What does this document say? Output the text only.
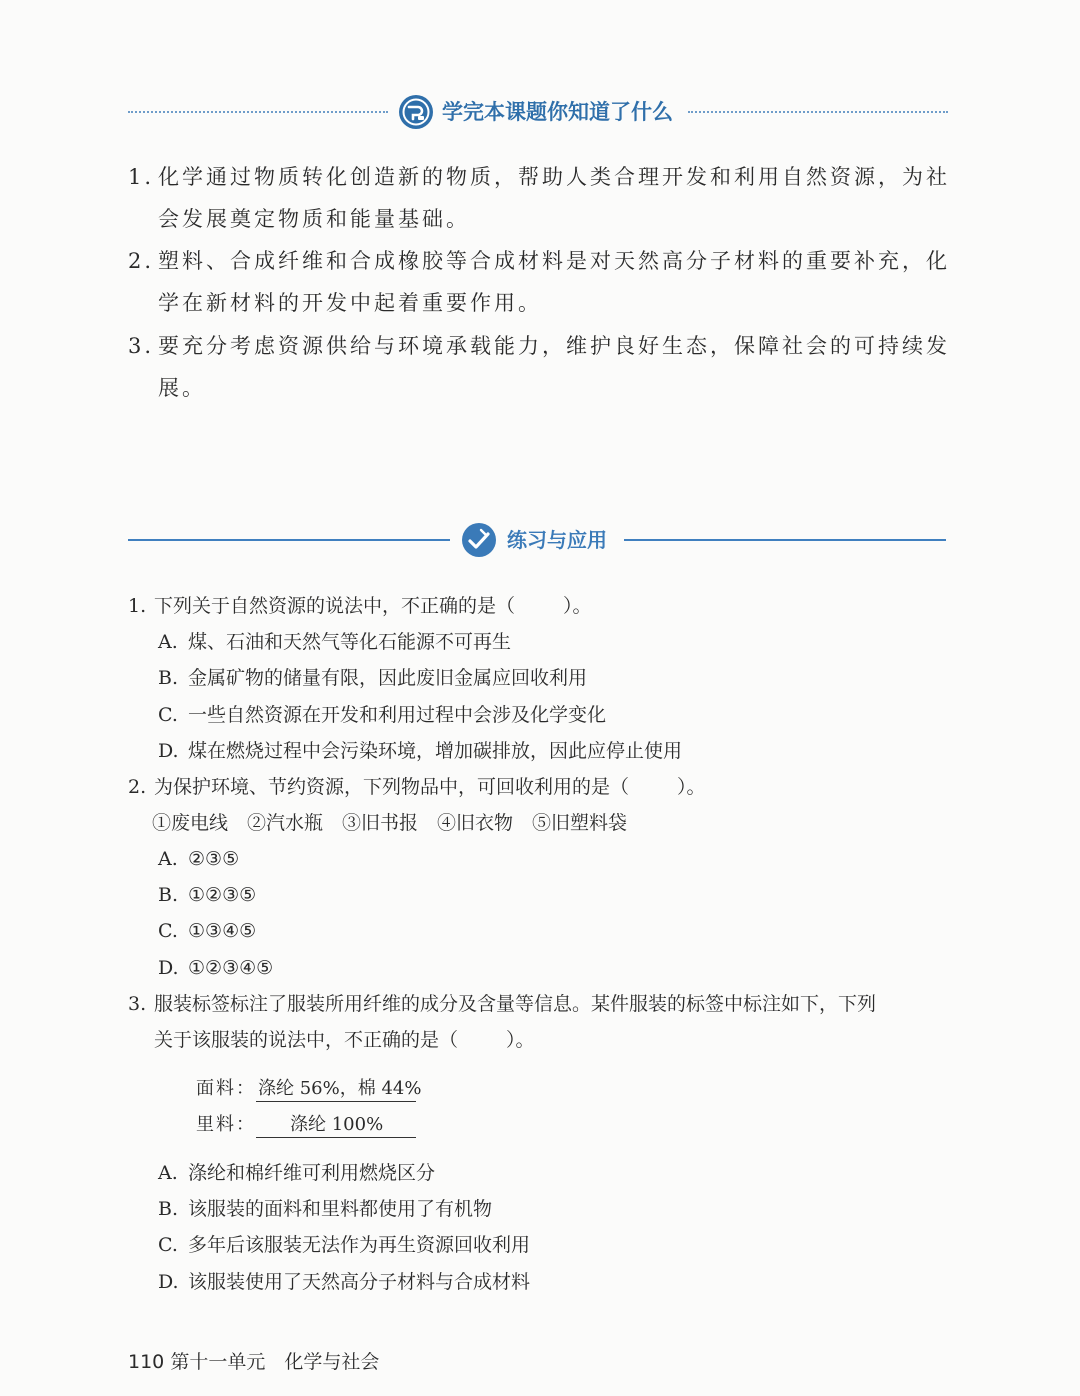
学完本课题你知道了什么
1. 化学通过物质转化创造新的物质，帮助人类合理开发和利用自然资源，为社会发展奠定物质和能量基础。
2. 塑料、合成纤维和合成橡胶等合成材料是对天然高分子材料的重要补充，化学在新材料的开发中起着重要作用。
3. 要充分考虑资源供给与环境承载能力，维护良好生态，保障社会的可持续发展。
练习与应用
1. 下列关于自然资源的说法中，不正确的是（	）。
A. 煤、石油和天然气等化石能源不可再生
B. 金属矿物的储量有限，因此废旧金属应回收利用
C. 一些自然资源在开发和利用过程中会涉及化学变化
D. 煤在燃烧过程中会污染环境，增加碳排放，因此应停止使用
2. 为保护环境、节约资源，下列物品中，可回收利用的是（	）。
①废电线　②汽水瓶　③旧书报　④旧衣物　⑤旧塑料袋
A. ②③⑤
B. ①②③⑤
C. ①③④⑤
D. ①②③④⑤
3. 服装标签标注了服装所用纤维的成分及含量等信息。某件服装的标签中标注如下，下列
关于该服装的说法中，不正确的是（	）。
面料： 涤纶 56%，棉 44%
里料： 涤纶 100%
A. 涤纶和棉纤维可利用燃烧区分
B. 该服装的面料和里料都使用了有机物
C. 多年后该服装无法作为再生资源回收利用
D. 该服装使用了天然高分子材料与合成材料
110 第十一单元　化学与社会
